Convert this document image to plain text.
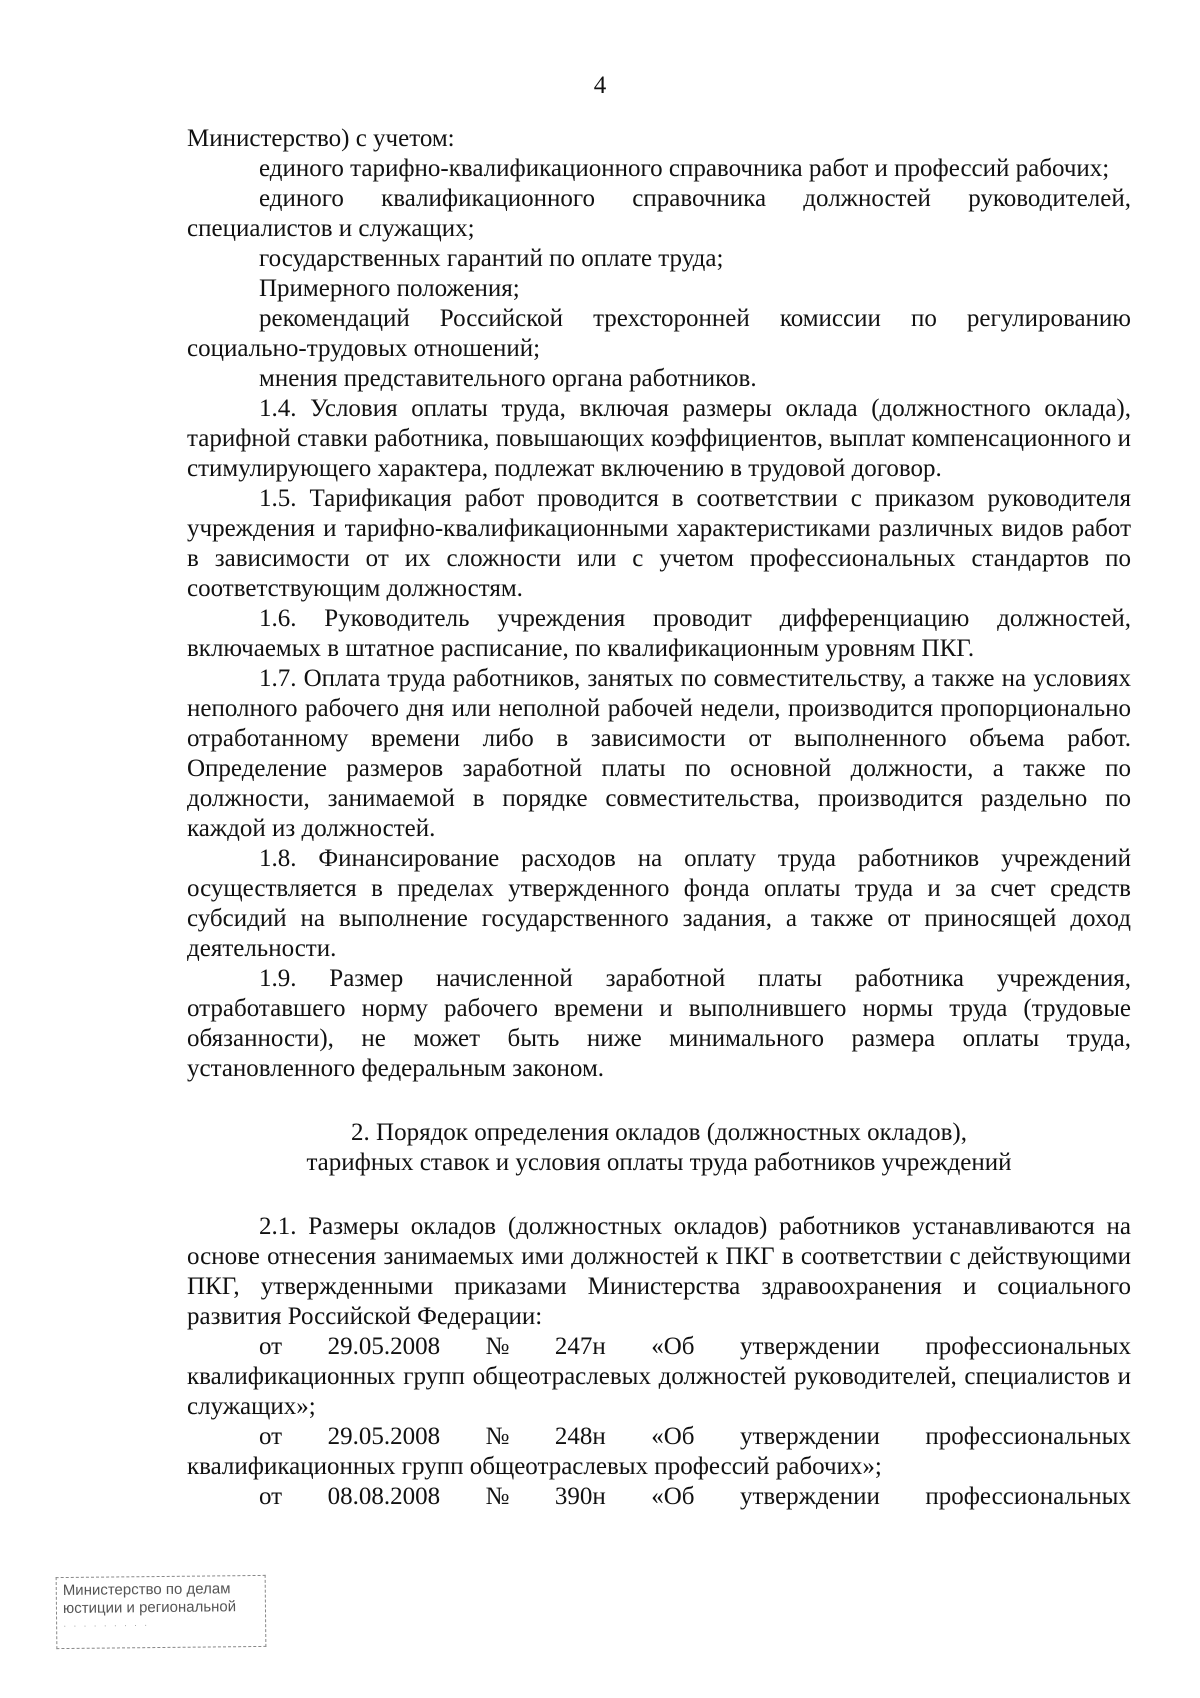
4

Министерство) с учетом:

единого тарифно-квалификационного справочника работ и профессий рабочих;

единого квалификационного справочника должностей руководителей, специалистов и служащих;

государственных гарантий по оплате труда;

Примерного положения;

рекомендаций Российской трехсторонней комиссии по регулированию социально-трудовых отношений;

мнения представительного органа работников.

1.4. Условия оплаты труда, включая размеры оклада (должностного оклада), тарифной ставки работника, повышающих коэффициентов, выплат компенсационного и стимулирующего характера, подлежат включению в трудовой договор.

1.5. Тарификация работ проводится в соответствии с приказом руководителя учреждения и тарифно-квалификационными характеристиками различных видов работ в зависимости от их сложности или с учетом профессиональных стандартов по соответствующим должностям.

1.6. Руководитель учреждения проводит дифференциацию должностей, включаемых в штатное расписание, по квалификационным уровням ПКГ.

1.7. Оплата труда работников, занятых по совместительству, а также на условиях неполного рабочего дня или неполной рабочей недели, производится пропорционально отработанному времени либо в зависимости от выполненного объема работ. Определение размеров заработной платы по основной должности, а также по должности, занимаемой в порядке совместительства, производится раздельно по каждой из должностей.

1.8. Финансирование расходов на оплату труда работников учреждений осуществляется в пределах утвержденного фонда оплаты труда и за счет средств субсидий на выполнение государственного задания, а также от приносящей доход деятельности.

1.9. Размер начисленной заработной платы работника учреждения, отработавшего норму рабочего времени и выполнившего нормы труда (трудовые обязанности), не может быть ниже минимального размера оплаты труда, установленного федеральным законом.

2. Порядок определения окладов (должностных окладов),

тарифных ставок и условия оплаты труда работников учреждений

2.1. Размеры окладов (должностных окладов) работников устанавливаются на основе отнесения занимаемых ими должностей к ПКГ в соответствии с действующими ПКГ, утвержденными приказами Министерства здравоохранения и социального развития Российской Федерации:

от 29.05.2008 № 247н «Об утверждении профессиональных

квалификационных групп общеотраслевых должностей руководителей, специалистов и служащих»;

от 29.05.2008 № 248н «Об утверждении профессиональных

квалификационных групп общеотраслевых профессий рабочих»;

от 08.08.2008 № 390н «Об утверждении профессиональных
Министерство по делам
юстиции и региональной
· · · · · · · · ·
